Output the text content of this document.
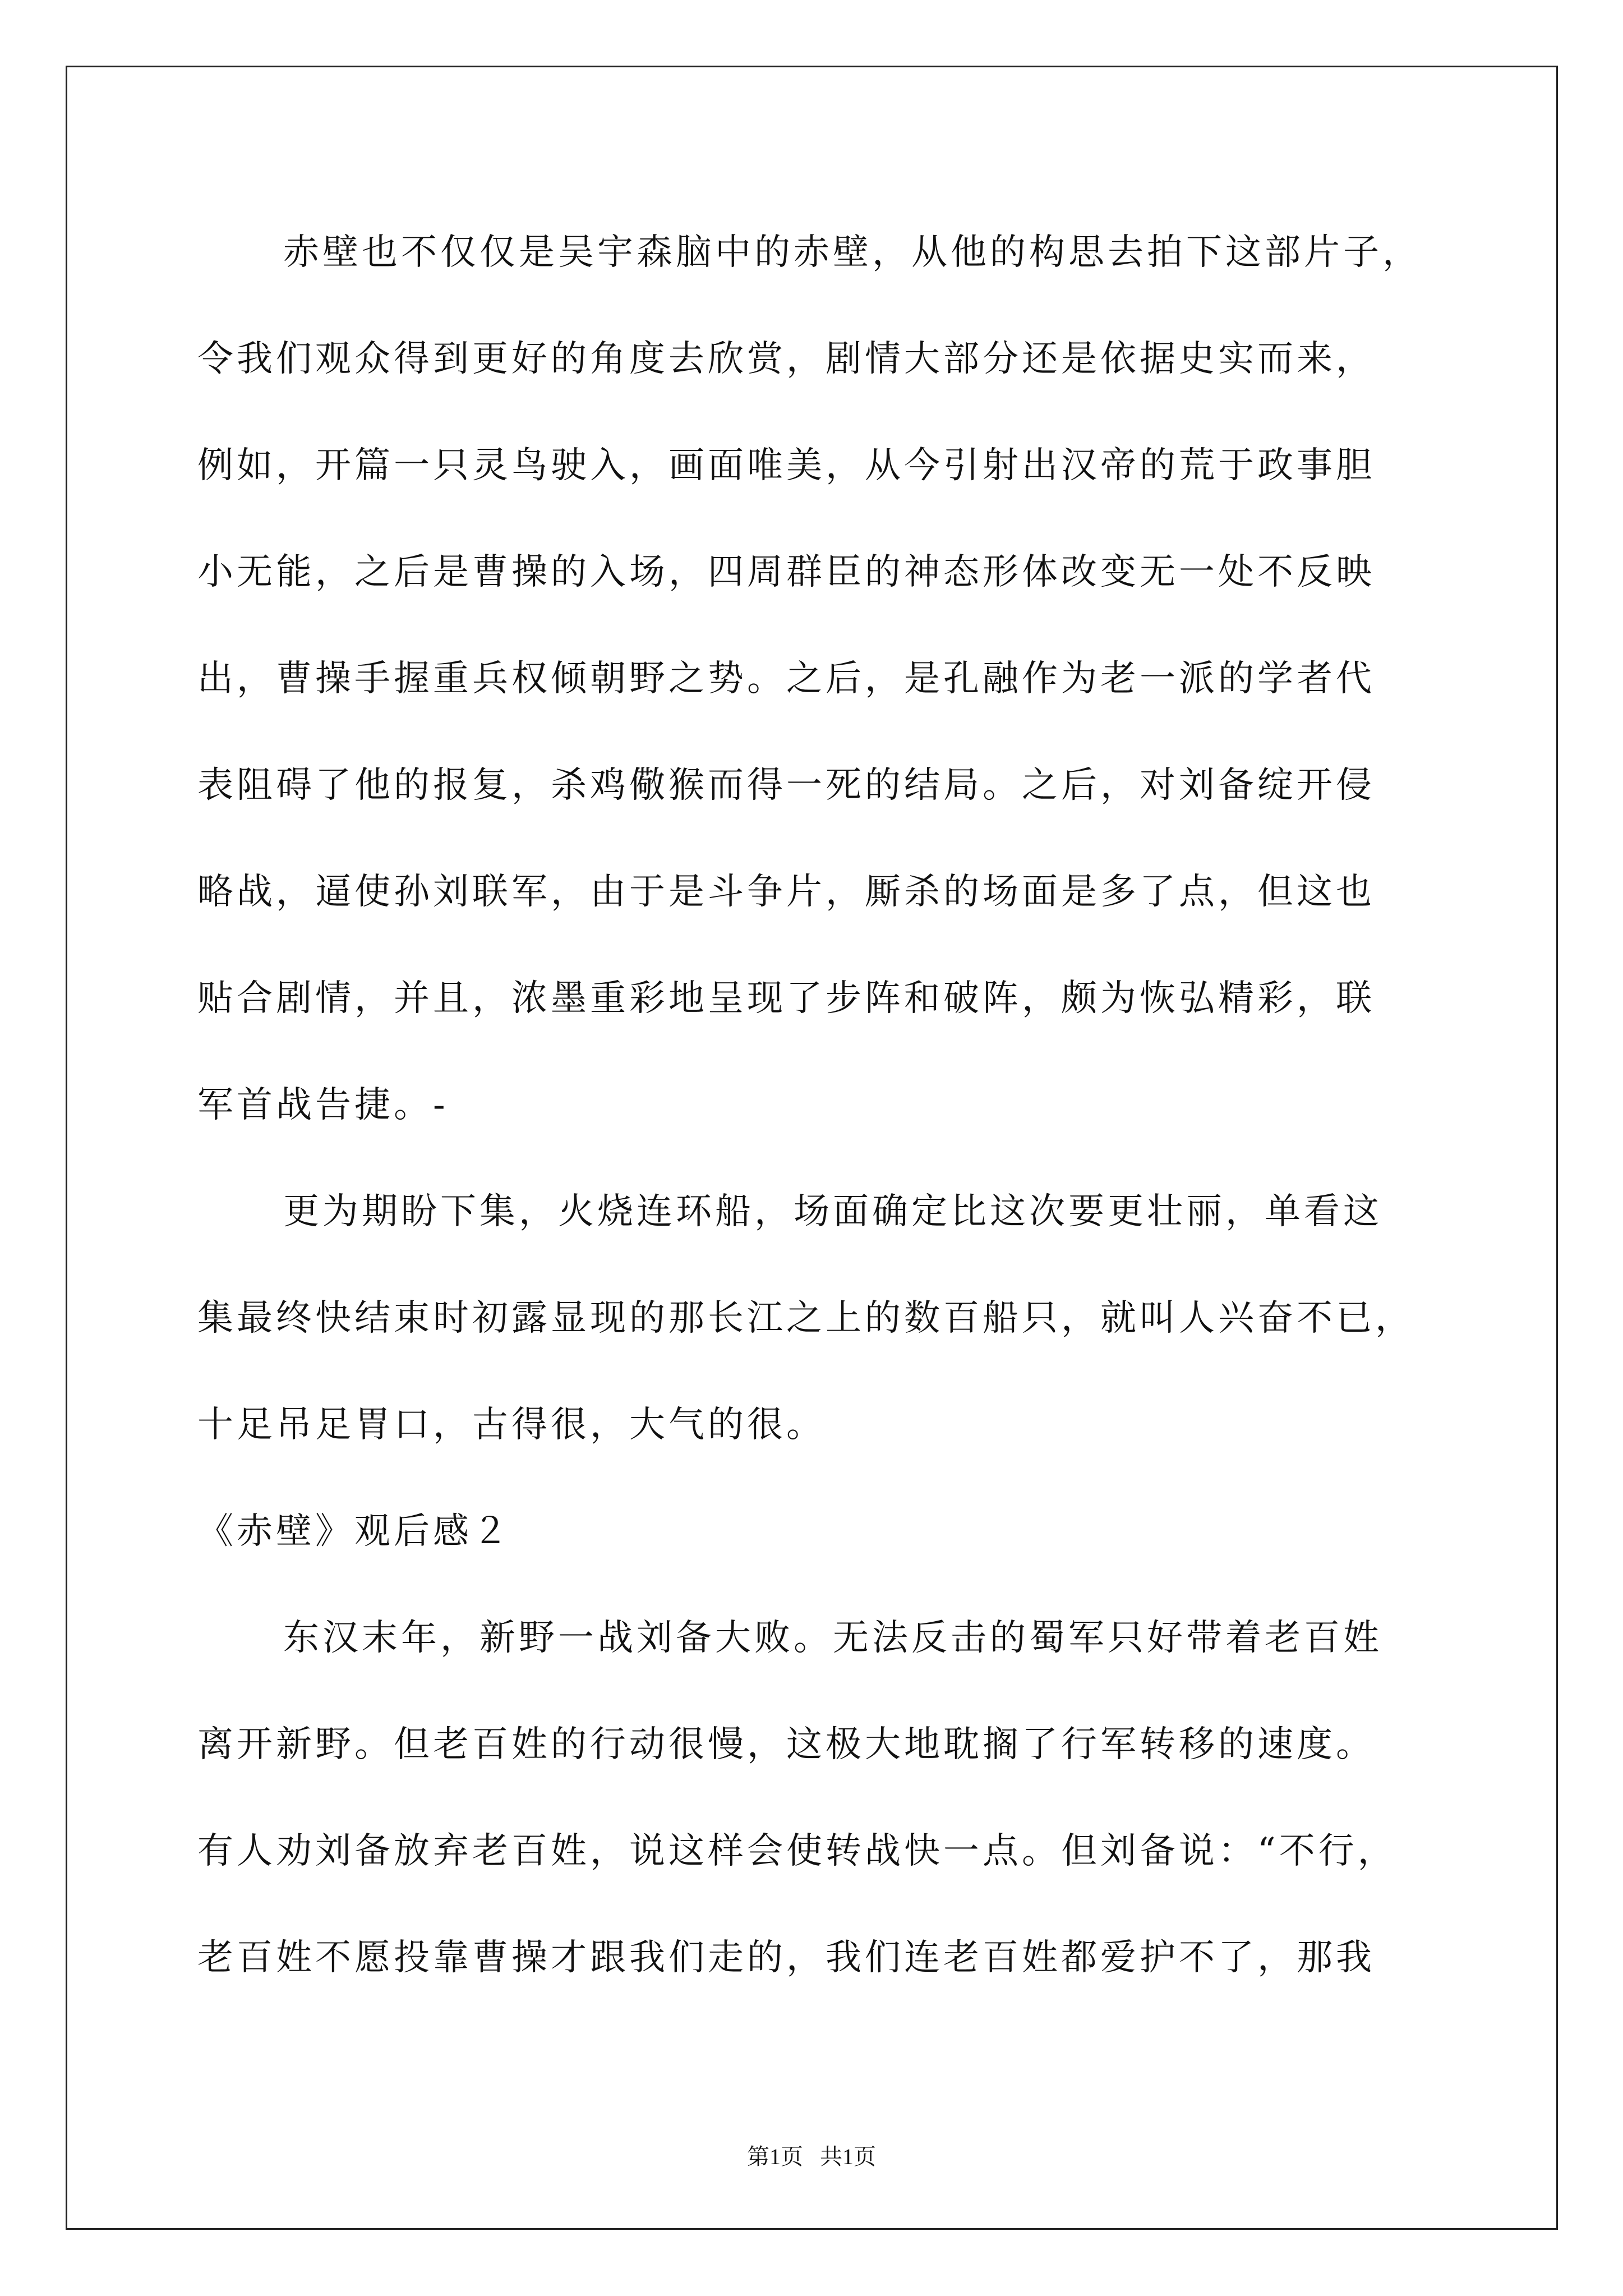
赤壁也不仅仅是吴宇森脑中的赤壁，从他的构思去拍下这部片子，

令我们观众得到更好的角度去欣赏，剧情大部分还是依据史实而来，

例如，开篇一只灵鸟驶入，画面唯美，从今引射出汉帝的荒于政事胆

小无能，之后是曹操的入场，四周群臣的神态形体改变无一处不反映

出，曹操手握重兵权倾朝野之势。之后，是孔融作为老一派的学者代

表阻碍了他的报复，杀鸡儆猴而得一死的结局。之后，对刘备绽开侵

略战，逼使孙刘联军，由于是斗争片，厮杀的场面是多了点，但这也

贴合剧情，并且，浓墨重彩地呈现了步阵和破阵，颇为恢弘精彩，联

军首战告捷。-

更为期盼下集，火烧连环船，场面确定比这次要更壮丽，单看这

集最终快结束时初露显现的那长江之上的数百船只，就叫人兴奋不已，

十足吊足胃口，古得很，大气的很。

《赤壁》观后感２

东汉末年，新野一战刘备大败。无法反击的蜀军只好带着老百姓

离开新野。但老百姓的行动很慢，这极大地耽搁了行军转移的速度。

有人劝刘备放弃老百姓，说这样会使转战快一点。但刘备说：“不行，

老百姓不愿投靠曹操才跟我们走的，我们连老百姓都爱护不了，那我

第1页   共1页
